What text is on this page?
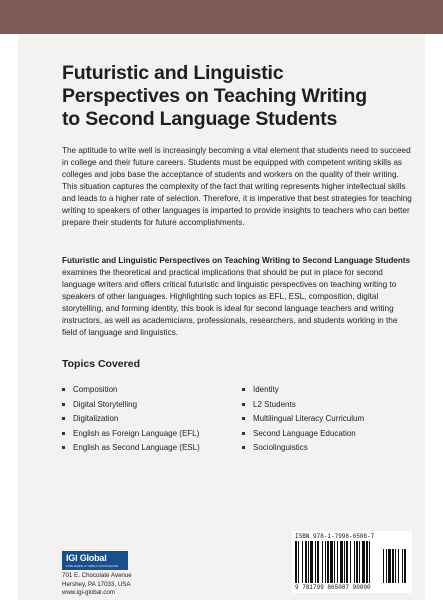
Futuristic and Linguistic
Perspectives on Teaching Writing
to Second Language Students
The aptitude to write well is increasingly becoming a vital element that students need to succeed in college and their future careers. Students must be equipped with competent writing skills as colleges and jobs base the acceptance of students and workers on the quality of their writing. This situation captures the complexity of the fact that writing represents higher intellectual skills and leads to a higher rate of selection. Therefore, it is imperative that best strategies for teaching writing to speakers of other languages is imparted to provide insights to teachers who can better prepare their students for future accomplishments.
Futuristic and Linguistic Perspectives on Teaching Writing to Second Language Students examines the theoretical and practical implications that should be put in place for second language writers and offers critical futuristic and linguistic perspectives on teaching writing to speakers of other languages. Highlighting such topics as EFL, ESL, composition, digital storytelling, and forming identity, this book is ideal for second language teachers and writing instructors, as well as academicians, professionals, researchers, and students working in the field of language and linguistics.
Topics Covered
Composition
Digital Storytelling
Digitalization
English as Foreign Language (EFL)
English as Second Language (ESL)
Identity
L2 Students
Multilingual Literacy Curriculum
Second Language Education
Sociolinguistics
IGI Global
PUBLISHER of TIMELY KNOWLEDGE
701 E. Chocolate Avenue
Hershey, PA 17033, USA
www.igi-global.com
ISBN 978-1-7998-6508-7
9 781799 865087 90000
